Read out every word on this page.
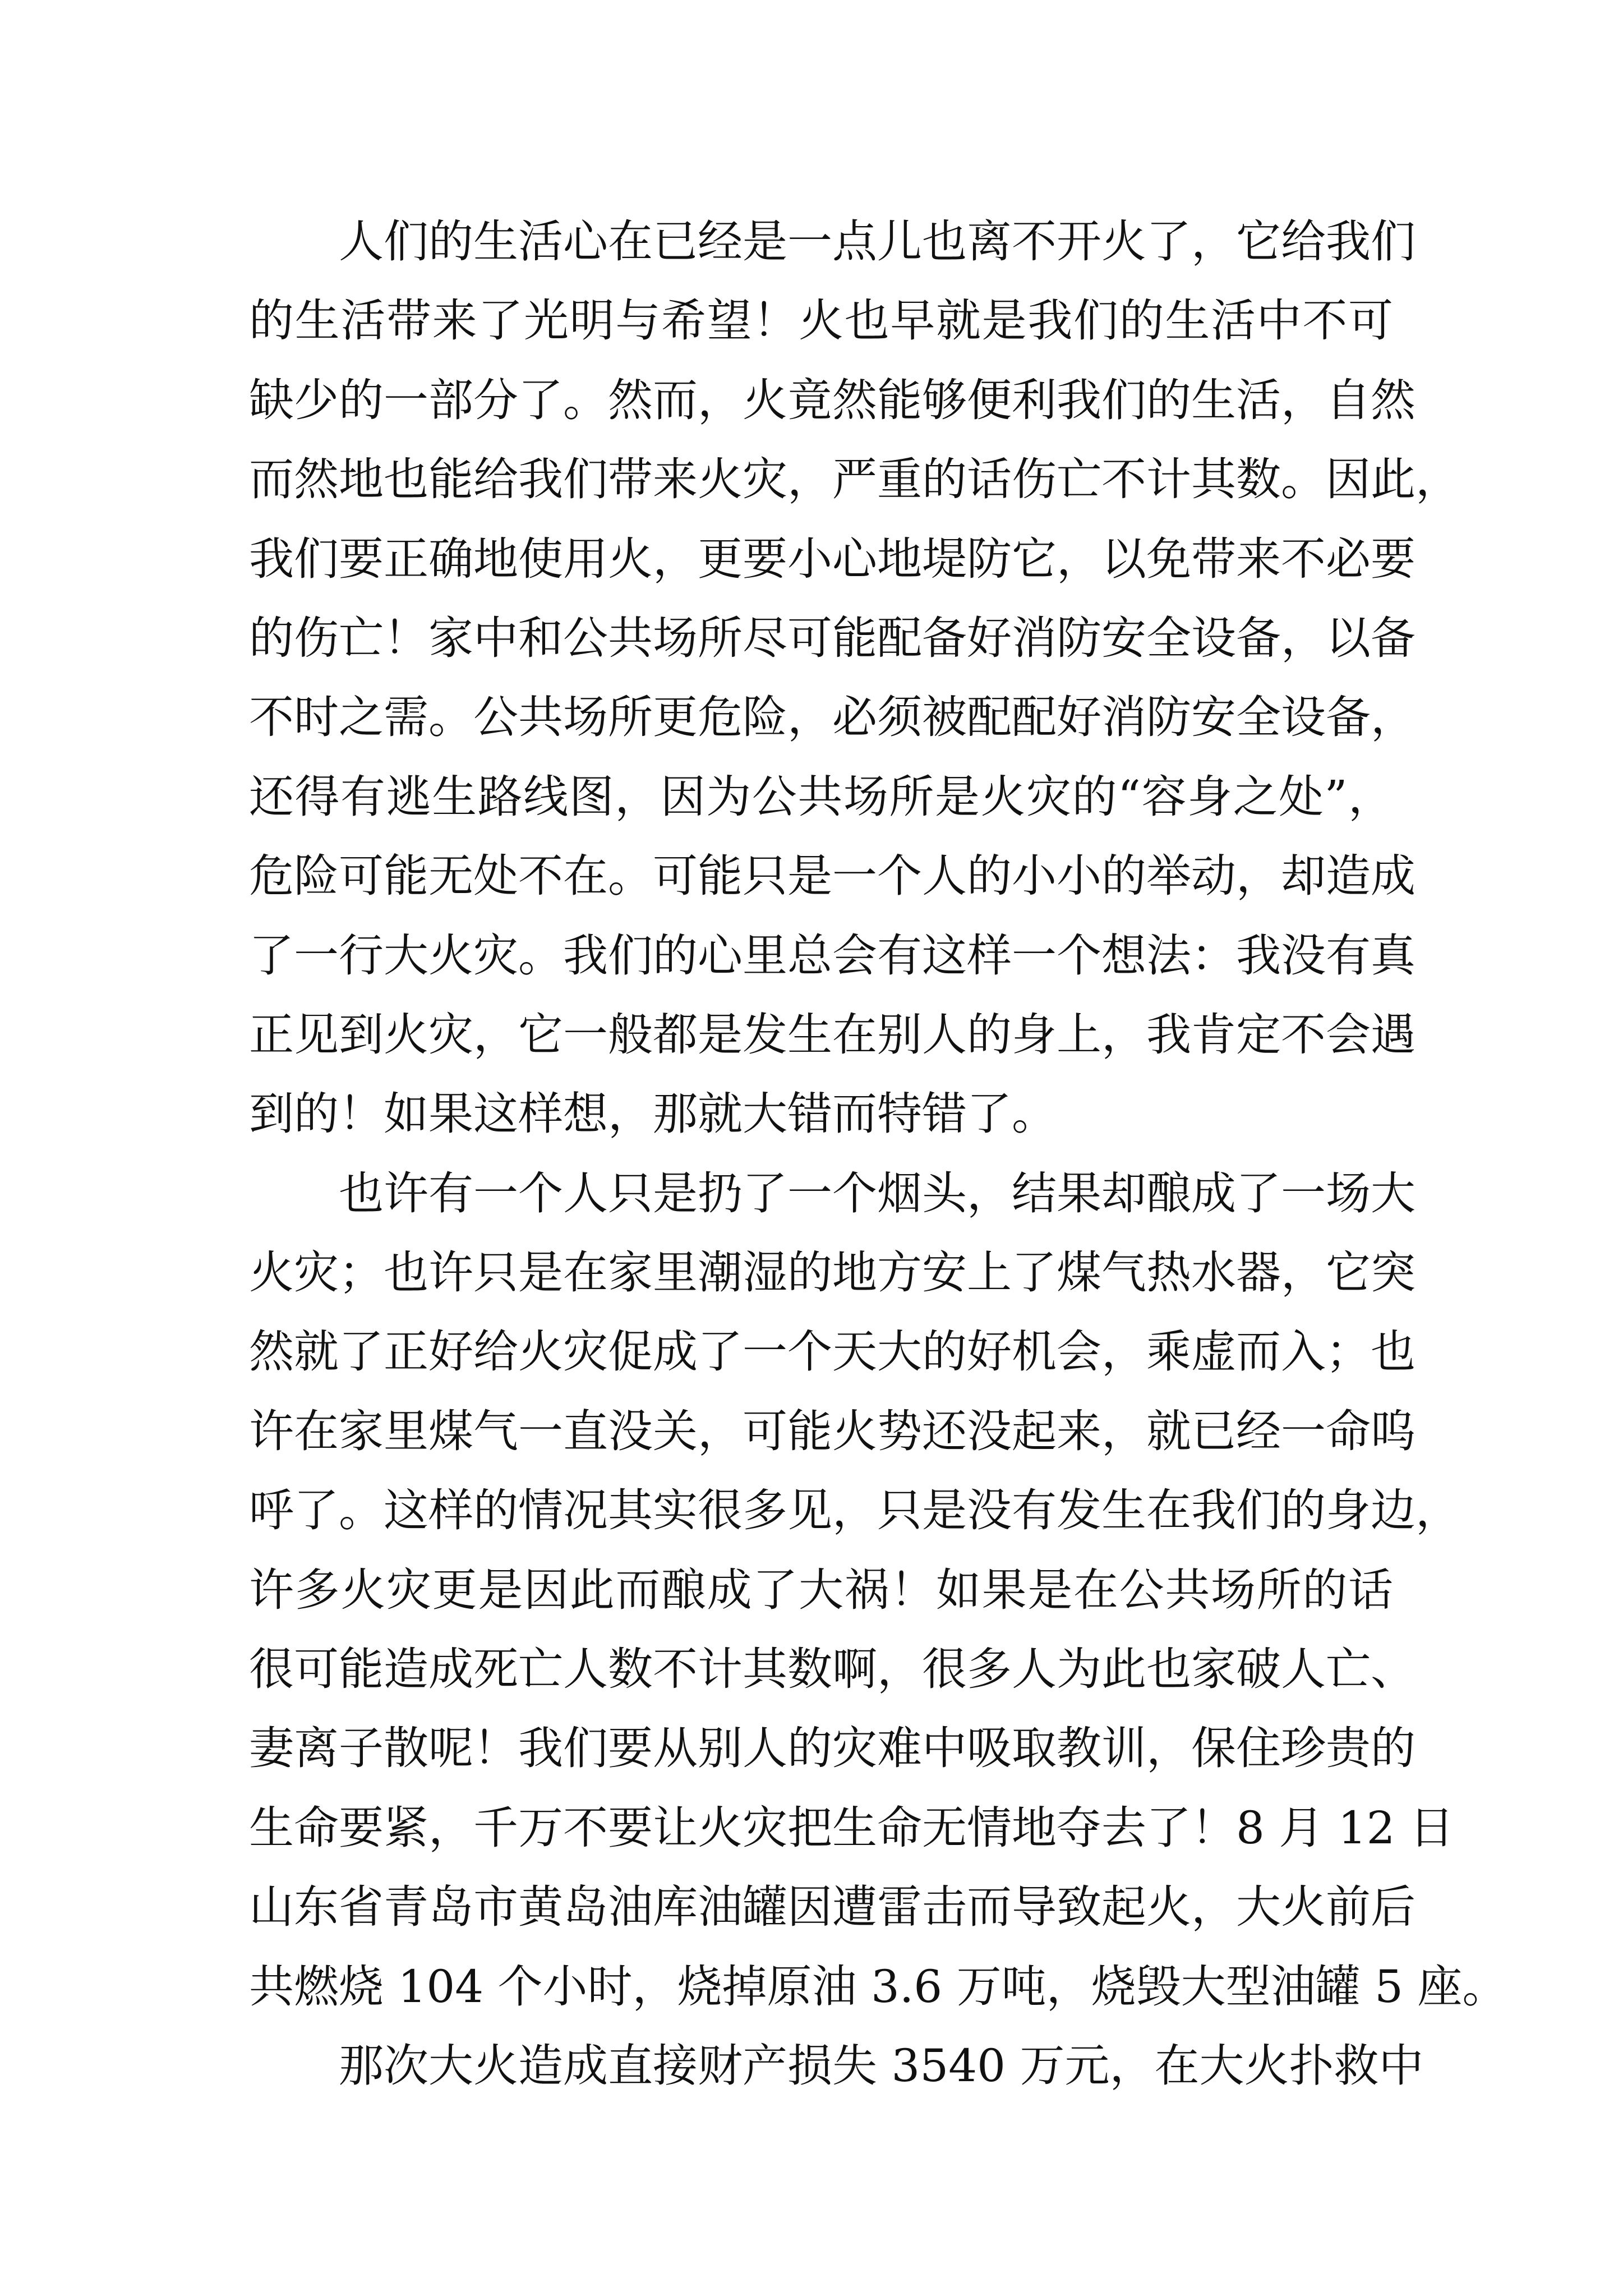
人们的生活心在已经是一点儿也离不开火了，它给我们
的生活带来了光明与希望！火也早就是我们的生活中不可
缺少的一部分了。然而，火竟然能够便利我们的生活，自然
而然地也能给我们带来火灾，严重的话伤亡不计其数。因此，
我们要正确地使用火，更要小心地堤防它，以免带来不必要
的伤亡！家中和公共场所尽可能配备好消防安全设备，以备
不时之需。公共场所更危险，必须被配配好消防安全设备，
还得有逃生路线图，因为公共场所是火灾的“容身之处”，
危险可能无处不在。可能只是一个人的小小的举动，却造成
了一行大火灾。我们的心里总会有这样一个想法：我没有真
正见到火灾，它一般都是发生在别人的身上，我肯定不会遇
到的！如果这样想，那就大错而特错了。
也许有一个人只是扔了一个烟头，结果却酿成了一场大
火灾；也许只是在家里潮湿的地方安上了煤气热水器，它突
然就了正好给火灾促成了一个天大的好机会，乘虚而入；也
许在家里煤气一直没关，可能火势还没起来，就已经一命呜
呼了。这样的情况其实很多见，只是没有发生在我们的身边，
许多火灾更是因此而酿成了大祸！如果是在公共场所的话
很可能造成死亡人数不计其数啊，很多人为此也家破人亡、
妻离子散呢！我们要从别人的灾难中吸取教训，保住珍贵的
生命要紧，千万不要让火灾把生命无情地夺去了！8 月 12 日
山东省青岛市黄岛油库油罐因遭雷击而导致起火，大火前后
共燃烧 104 个小时，烧掉原油 3.6 万吨，烧毁大型油罐 5 座。
那次大火造成直接财产损失 3540 万元，在大火扑救中
